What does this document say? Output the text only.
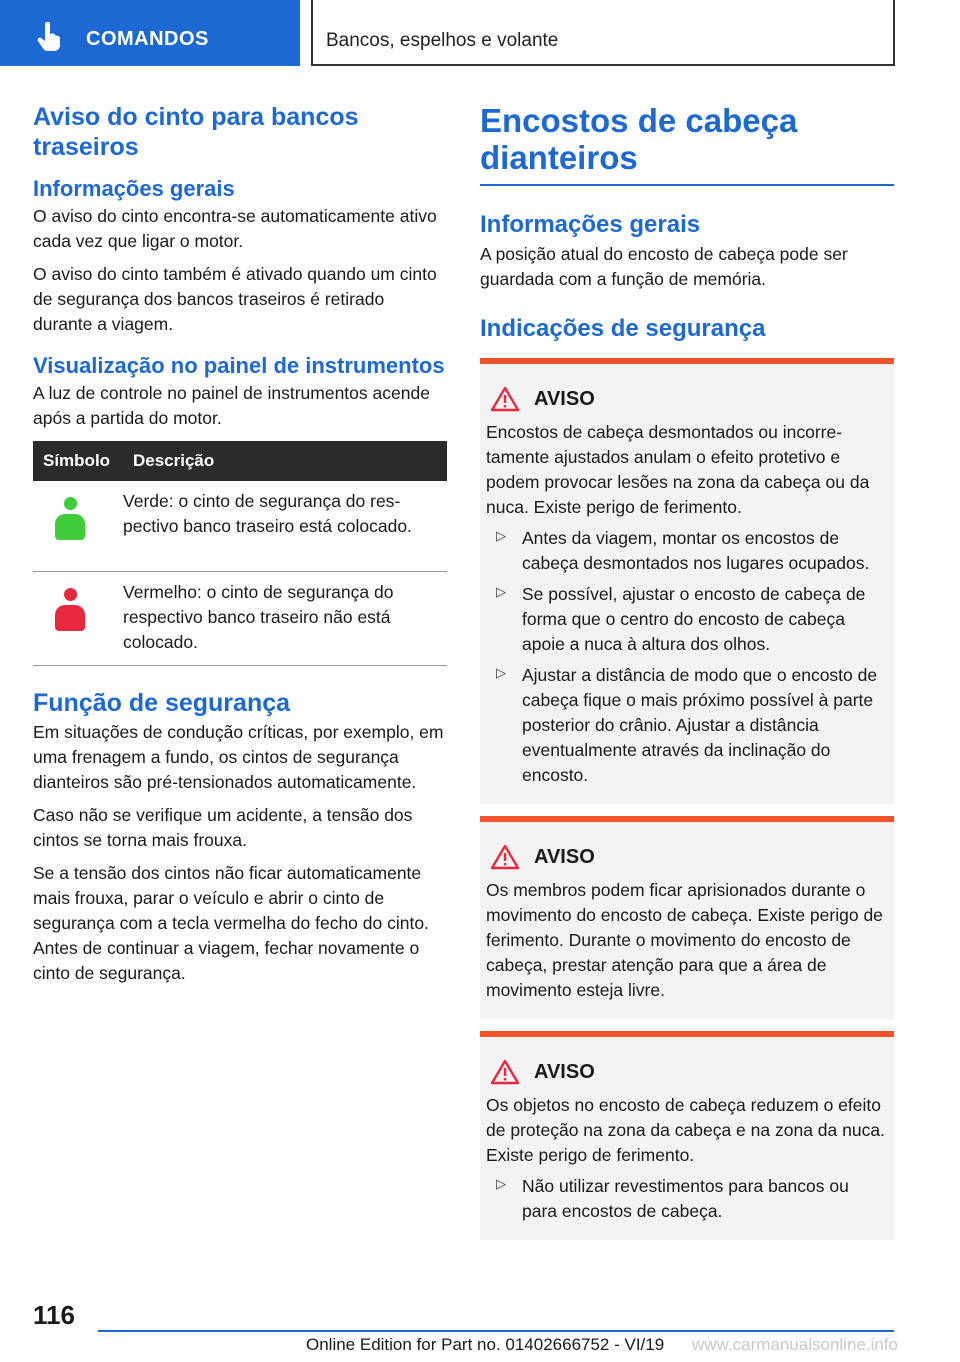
COMANDOS	Bancos, espelhos e volante
Aviso do cinto para bancos traseiros
Informações gerais

O aviso do cinto encontra-se automaticamente ativo cada vez que ligar o motor.

O aviso do cinto também é ativado quando um cinto de segurança dos bancos traseiros é retirado durante a viagem.

Visualização no painel de instrumentos

A luz de controle no painel de instrumentos acende após a partida do motor.

Símbolo	Descrição

	Verde: o cinto de segurança do respectivo banco traseiro está colocado.

	Vermelho: o cinto de segurança do respectivo banco traseiro não está colocado.
Função de segurança

Em situações de condução críticas, por exemplo, em uma frenagem a fundo, os cintos de segurança dianteiros são pré-tensionados automaticamente.

Caso não se verifique um acidente, a tensão dos cintos se torna mais frouxa.

Se a tensão dos cintos não ficar automaticamente mais frouxa, parar o veículo e abrir o cinto de segurança com a tecla vermelha do fecho do cinto. Antes de continuar a viagem, fechar novamente o cinto de segurança.

Encostos de cabeça dianteiros
Informações gerais

A posição atual do encosto de cabeça pode ser guardada com a função de memória.

Indicações de segurança
AVISO

Encostos de cabeça desmontados ou incorretamente ajustados anulam o efeito protetivo e podem provocar lesões na zona da cabeça ou da nuca. Existe perigo de ferimento.

▷ Antes da viagem, montar os encostos de cabeça desmontados nos lugares ocupados.
▷ Se possível, ajustar o encosto de cabeça de forma que o centro do encosto de cabeça apoie a nuca à altura dos olhos.
▷ Ajustar a distância de modo que o encosto de cabeça fique o mais próximo possível à parte posterior do crânio. Ajustar a distância eventualmente através da inclinação do encosto.
AVISO

Os membros podem ficar aprisionados durante o movimento do encosto de cabeça. Existe perigo de ferimento. Durante o movimento do encosto de cabeça, prestar atenção para que a área de movimento esteja livre.

AVISO

Os objetos no encosto de cabeça reduzem o efeito de proteção na zona da cabeça e na zona da nuca. Existe perigo de ferimento.

▷ Não utilizar revestimentos para bancos ou para encostos de cabeça.
116
Online Edition for Part no. 01402666752 - VI/19 www.carmanualsonline.info
